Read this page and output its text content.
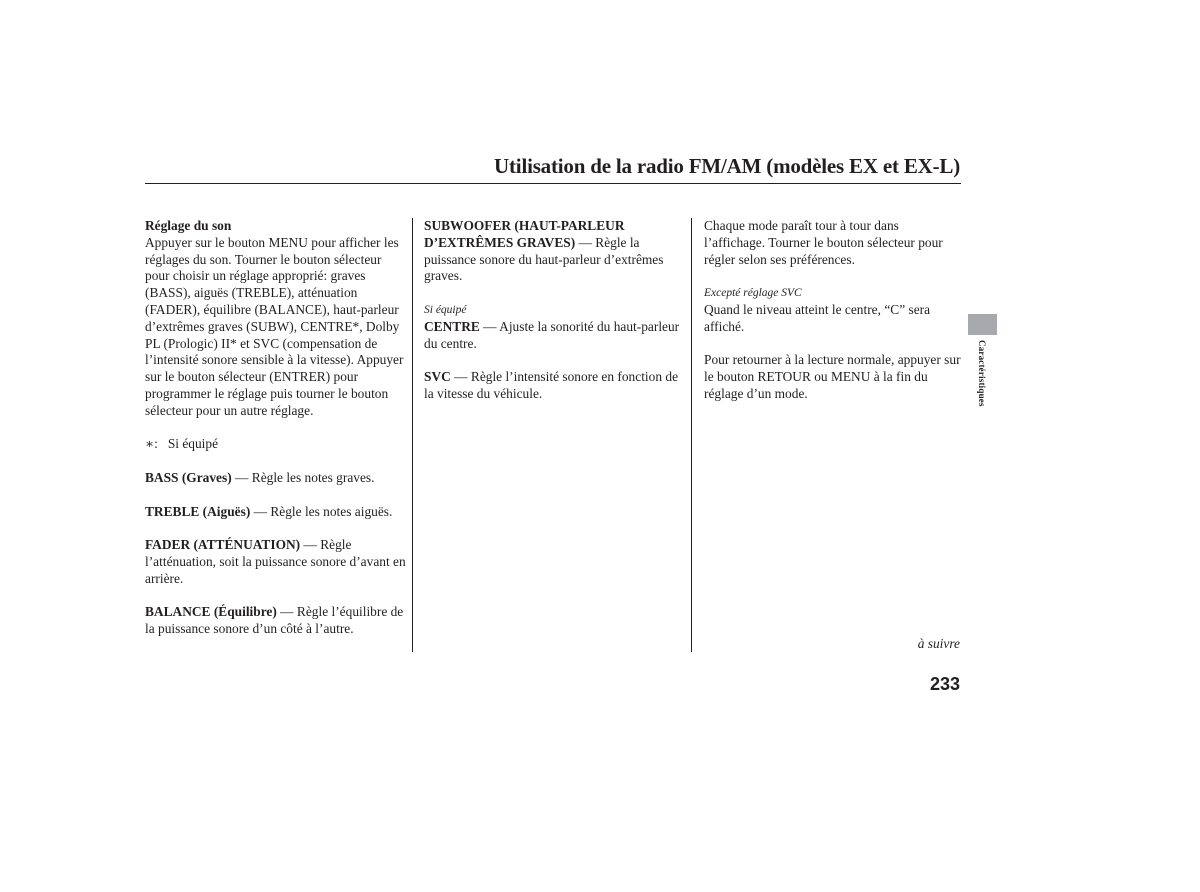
Utilisation de la radio FM/AM (modèles EX et EX-L)
Réglage du son

Appuyer sur le bouton MENU pour afficher les réglages du son. Tourner le bouton sélecteur pour choisir un réglage approprié: graves (BASS), aiguës (TREBLE), atténuation (FADER), équilibre (BALANCE), haut-parleur d’extrêmes graves (SUBW), CENTRE*, Dolby PL (Prologic) II* et SVC (compensation de l’intensité sonore sensible à la vitesse). Appuyer sur le bouton sélecteur (ENTRER) pour programmer le réglage puis tourner le bouton sélecteur pour un autre réglage.

∗: Si équipé

BASS (Graves) — Règle les notes graves.

TREBLE (Aiguës) — Règle les notes aiguës.

FADER (ATTÉNUATION) — Règle l’atténuation, soit la puissance sonore d’avant en arrière.

BALANCE (Équilibre) — Règle l’équilibre de la puissance sonore d’un côté à l’autre.

SUBWOOFER (HAUT-PARLEUR D’EXTRÊMES GRAVES) — Règle la puissance sonore du haut-parleur d’extrêmes graves.

Si équipé
CENTRE — Ajuste la sonorité du haut-parleur du centre.

SVC — Règle l’intensité sonore en fonction de la vitesse du véhicule.

Chaque mode paraît tour à tour dans l’affichage. Tourner le bouton sélecteur pour régler selon ses préférences.

Excepté réglage SVC
Quand le niveau atteint le centre, “C” sera affiché.

Pour retourner à la lecture normale, appuyer sur le bouton RETOUR ou MENU à la fin du réglage d’un mode.	Caractéristiques
à suivre
233
